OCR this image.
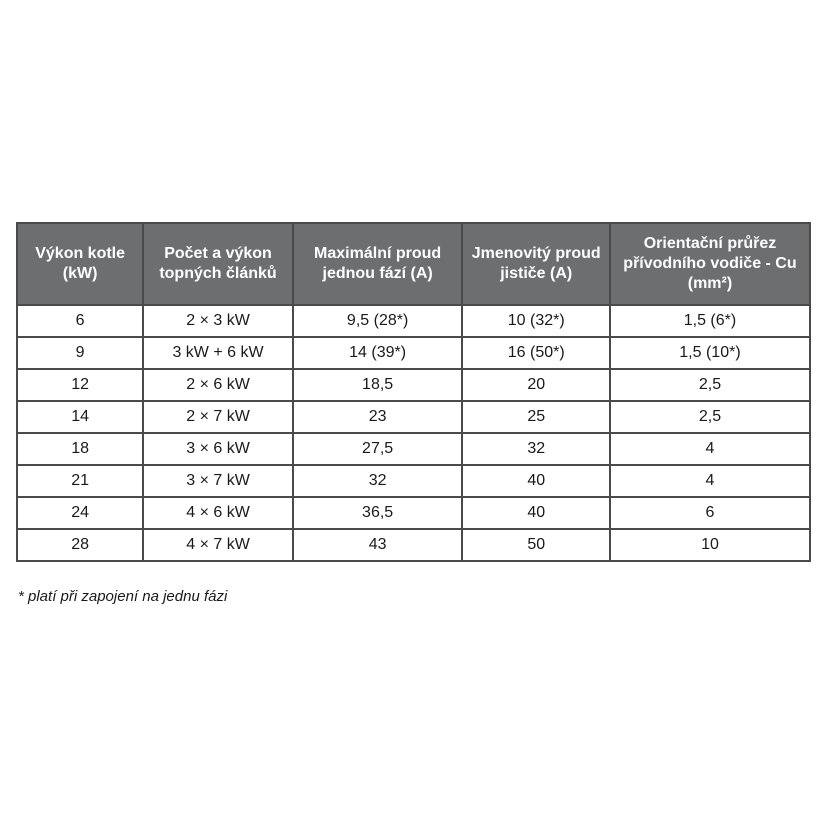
Výkon kotle (kW)	Počet a výkon topných článků	Maximální proud jednou fází (A)	Jmenovitý proud jističe (A)	Orientační průřez přívodního vodiče - Cu (mm²)
6	2 × 3 kW	9,5 (28*)	10 (32*)	1,5 (6*)
9	3 kW + 6 kW	14 (39*)	16 (50*)	1,5 (10*)
12	2 × 6 kW	18,5	20	2,5
14	2 × 7 kW	23	25	2,5
18	3 × 6 kW	27,5	32	4
21	3 × 7 kW	32	40	4
24	4 × 6 kW	36,5	40	6
28	4 × 7 kW	43	50	10
* platí při zapojení na jednu fázi
